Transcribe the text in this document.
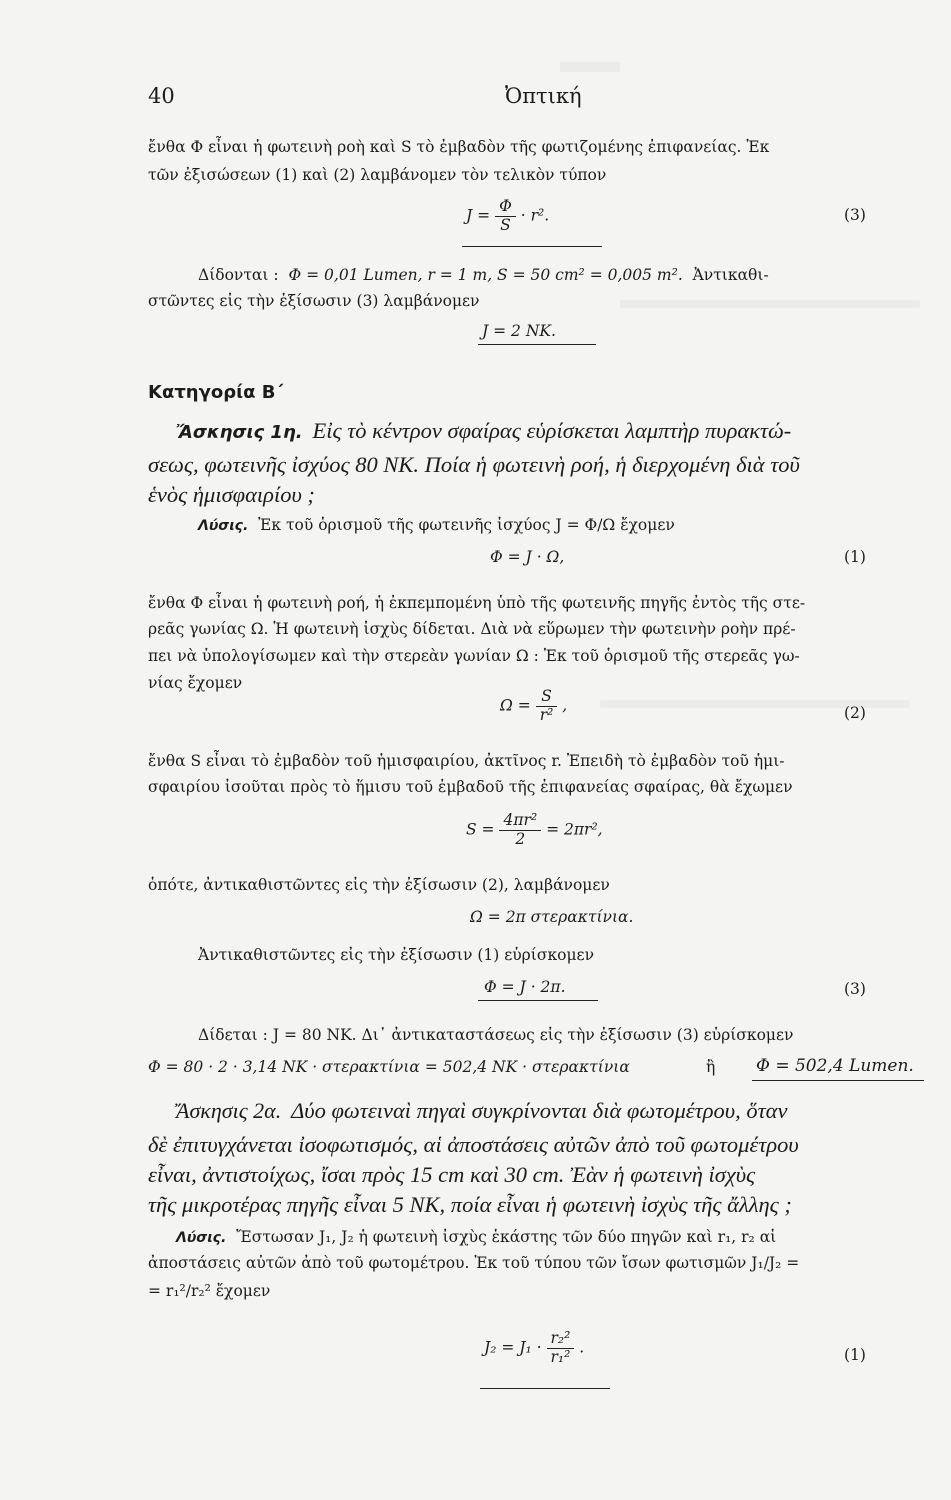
40	Ὀπτική
ἔνθα Φ εἶναι ἡ φωτεινὴ ροὴ καὶ S τὸ ἐμβαδὸν τῆς φωτιζομένης ἐπιφανείας. Ἐκ
τῶν ἐξισώσεων (1) καὶ (2) λαμβάνομεν τὸν τελικὸν τύπον
$J = \frac{\Phi}{S} \cdot r^2$.	(3)
Δίδονται : Φ = 0,01 Lumen, r = 1 m, S = 50 cm² = 0,005 m². Ἀντικαθι-
στῶντες εἰς τὴν ἐξίσωσιν (3) λαμβάνομεν
J = 2 NK.
Κατηγορία Β΄
Ἄσκησις 1η. Εἰς τὸ κέντρον σφαίρας εὑρίσκεται λαμπτὴρ πυρακτώ-
σεως, φωτεινῆς ἰσχύος 80 NK. Ποία ἡ φωτεινὴ ροή, ἡ διερχομένη διὰ τοῦ
ἑνὸς ἡμισφαιρίου ;
Λύσις. Ἐκ τοῦ ὁρισμοῦ τῆς φωτεινῆς ἰσχύος J = Φ/Ω ἔχομεν
Φ = J · Ω,	(1)
ἔνθα Φ εἶναι ἡ φωτεινὴ ροή, ἡ ἐκπεμπομένη ὑπὸ τῆς φωτεινῆς πηγῆς ἐντὸς τῆς στε-
ρεᾶς γωνίας Ω. Ἡ φωτεινὴ ἰσχὺς δίδεται. Διὰ νὰ εὕρωμεν τὴν φωτεινὴν ροὴν πρέ-
πει νὰ ὑπολογίσωμεν καὶ τὴν στερεὰν γωνίαν Ω : Ἐκ τοῦ ὁρισμοῦ τῆς στερεᾶς γω-
νίας ἔχομεν
$\Omega = \frac{S}{\text{r²}}$ ,	(2)
ἔνθα S εἶναι τὸ ἐμβαδὸν τοῦ ἡμισφαιρίου, ἀκτῖνος r. Ἐπειδὴ τὸ ἐμβαδὸν τοῦ ἡμι-
σφαιρίου ἰσοῦται πρὸς τὸ ἥμισυ τοῦ ἐμβαδοῦ τῆς ἐπιφανείας σφαίρας, θὰ ἔχωμεν
$S = \frac{\text{4πr²}}{2} = 2\pi r^2$,
ὁπότε, ἀντικαθιστῶντες εἰς τὴν ἐξίσωσιν (2), λαμβάνομεν
Ω = 2π στερακτίνια.
Ἀντικαθιστῶντες εἰς τὴν ἐξίσωσιν (1) εὑρίσκομεν
Φ = J · 2π.	(3)
Δίδεται : J = 80 NK. Δι᾽ ἀντικαταστάσεως εἰς τὴν ἐξίσωσιν (3) εὑρίσκομεν
Φ = 80 · 2 · 3,14 NK · στερακτίνια = 502,4 NK · στερακτίνια	ἢ Φ = 502,4 Lumen.
Ἄσκησις 2α. Δύο φωτειναὶ πηγαὶ συγκρίνονται διὰ φωτομέτρου, ὅταν
δὲ ἐπιτυγχάνεται ἰσοφωτισμός, αἱ ἀποστάσεις αὐτῶν ἀπὸ τοῦ φωτομέτρου
εἶναι, ἀντιστοίχως, ἴσαι πρὸς 15 cm καὶ 30 cm. Ἐὰν ἡ φωτεινὴ ἰσχὺς
τῆς μικροτέρας πηγῆς εἶναι 5 NK, ποία εἶναι ἡ φωτεινὴ ἰσχὺς τῆς ἄλλης ;
Λύσις. Ἔστωσαν J₁, J₂ ἡ φωτεινὴ ἰσχὺς ἑκάστης τῶν δύο πηγῶν καὶ r₁, r₂ αἱ
ἀποστάσεις αὐτῶν ἀπὸ τοῦ φωτομέτρου. Ἐκ τοῦ τύπου τῶν ἴσων φωτισμῶν J₁/J₂ =
= r₁²/r₂² ἔχομεν
$J_2 = J_1 \cdot \frac{\text{r₂²}}{\text{r₁²}}$ .	(1)
